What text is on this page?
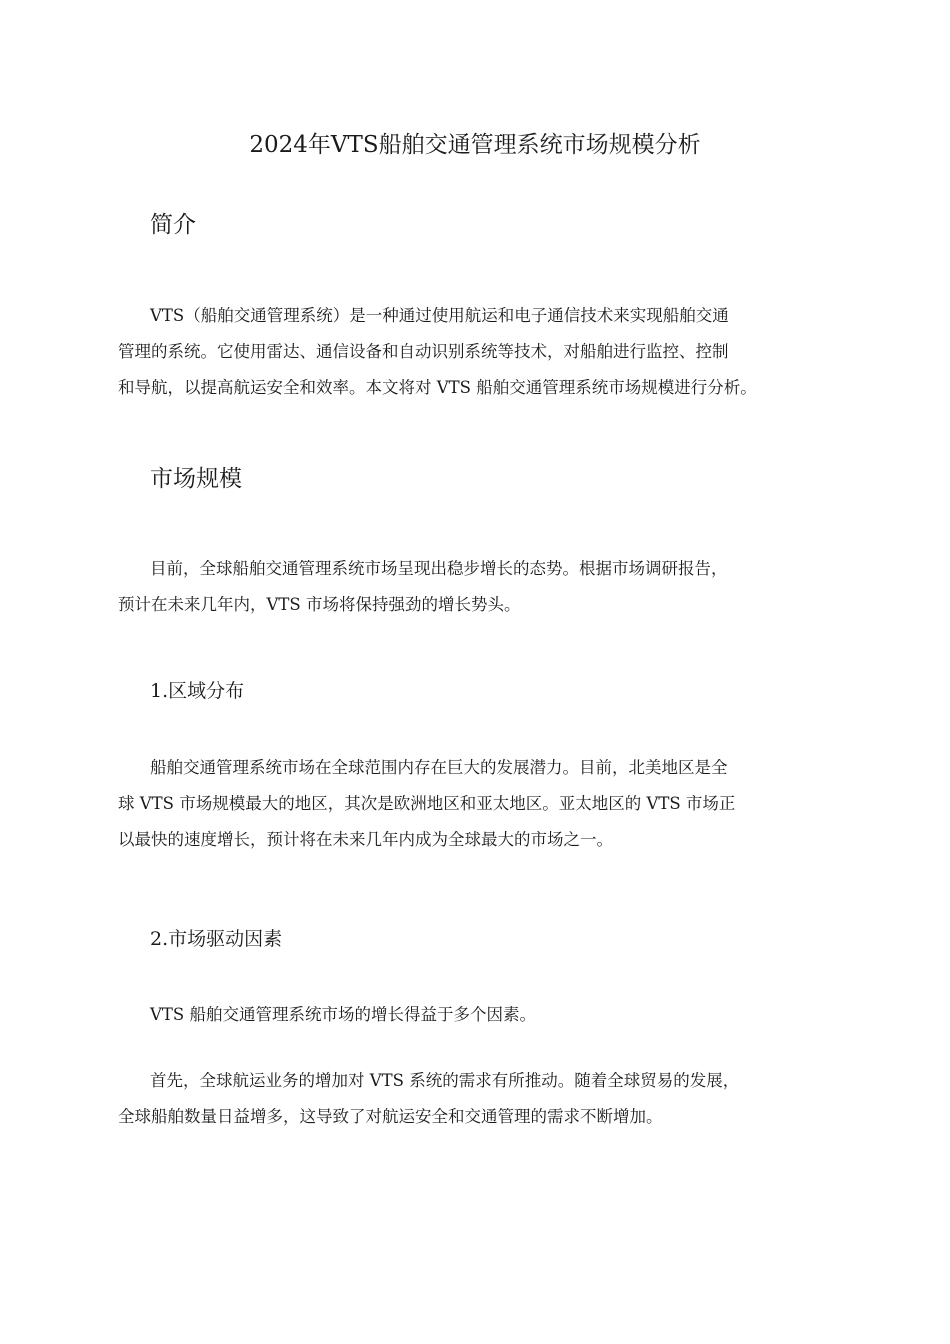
2024年VTS船舶交通管理系统市场规模分析
简介
VTS（船舶交通管理系统）是一种通过使用航运和电子通信技术来实现船舶交通
管理的系统。它使用雷达、通信设备和自动识别系统等技术，对船舶进行监控、控制
和导航，以提高航运安全和效率。本文将对 VTS 船舶交通管理系统市场规模进行分析。
市场规模
目前，全球船舶交通管理系统市场呈现出稳步增长的态势。根据市场调研报告，
预计在未来几年内，VTS 市场将保持强劲的增长势头。
1.区域分布
船舶交通管理系统市场在全球范围内存在巨大的发展潜力。目前，北美地区是全
球 VTS 市场规模最大的地区，其次是欧洲地区和亚太地区。亚太地区的 VTS 市场正
以最快的速度增长，预计将在未来几年内成为全球最大的市场之一。
2.市场驱动因素
VTS 船舶交通管理系统市场的增长得益于多个因素。
首先，全球航运业务的增加对 VTS 系统的需求有所推动。随着全球贸易的发展，
全球船舶数量日益增多，这导致了对航运安全和交通管理的需求不断增加。
